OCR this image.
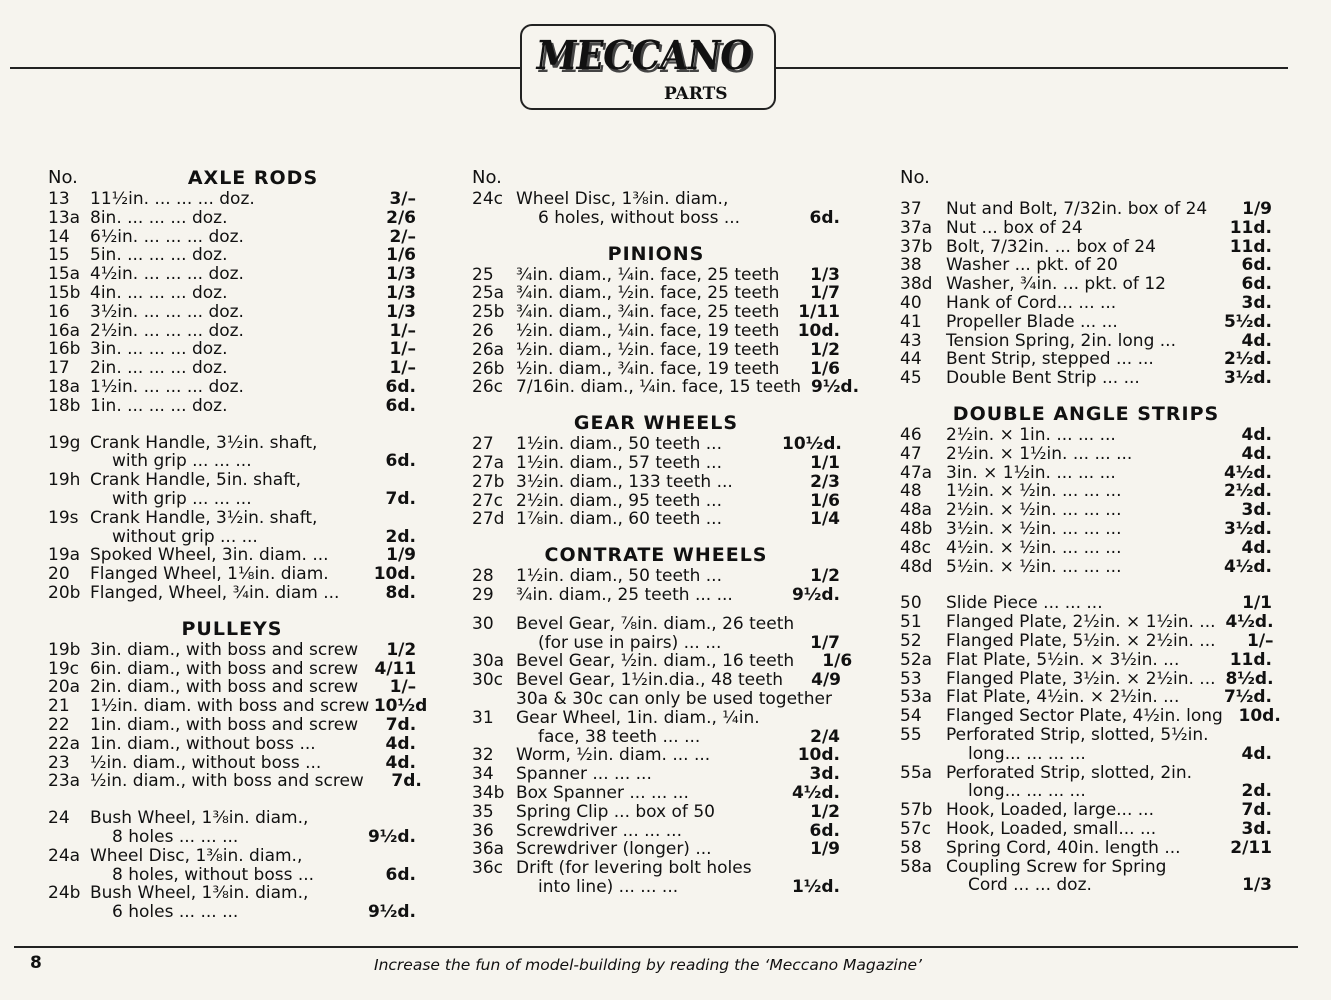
MECCANO
PARTS
No.	AXLE RODS
13	11½in. ... ... ... doz.	3/–
13a 8in. ... ... ... doz.	2/6
14	6½in. ... ... ... doz.	2/–
15	5in. ... ... ... doz.	1/6
15a 4½in. ... ... ... doz.	1/3
15b 4in. ... ... ... doz.	1/3
16	3½in. ... ... ... doz.	1/3
16a 2½in. ... ... ... doz.	1/–
16b 3in. ... ... ... doz.	1/–
17	2in. ... ... ... doz.	1/–
18a 1½in. ... ... ... doz.	6d.
18b 1in. ... ... ... doz.	6d.
19g Crank Handle, 3½in. shaft,
with grip ... ... ...	6d.
19h Crank Handle, 5in. shaft,
with grip ... ... ...	7d.
19s Crank Handle, 3½in. shaft,
without grip ... ...	2d.
19a Spoked Wheel, 3in. diam. ...	1/9
20	Flanged Wheel, 1⅛in. diam.	10d.
20b Flanged, Wheel, ¾in. diam ...	8d.
PULLEYS
19b 3in. diam., with boss and screw	1/2
19c 6in. diam., with boss and screw 4/11
20a 2in. diam., with boss and screw	1/–
21	1½in. diam. with boss and screw 10½d
22	1in. diam., with boss and screw	7d.
22a 1in. diam., without boss ...	4d.
23	½in. diam., without boss ...	4d.
23a ½in. diam., with boss and screw	7d.
24	Bush Wheel, 1⅜in. diam.,
8 holes ... ... ...	9½d.
24a Wheel Disc, 1⅜in. diam.,
8 holes, without boss ...	6d.
24b Bush Wheel, 1⅜in. diam.,
6 holes ... ... ...	9½d.
No.
24c Wheel Disc, 1⅜in. diam.,
6 holes, without boss ...	6d.
PINIONS
25	¾in. diam., ¼in. face, 25 teeth	1/3
25a ¾in. diam., ½in. face, 25 teeth	1/7
25b ¾in. diam., ¾in. face, 25 teeth	1/11
26	½in. diam., ¼in. face, 19 teeth	10d.
26a ½in. diam., ½in. face, 19 teeth	1/2
26b ½in. diam., ¾in. face, 19 teeth	1/6
26c 7/16in. diam., ¼in. face, 15 teeth 9½d.
GEAR WHEELS
27	1½in. diam., 50 teeth ...	10½d.
27a 1½in. diam., 57 teeth ...	1/1
27b 3½in. diam., 133 teeth ...	2/3
27c 2½in. diam., 95 teeth ...	1/6
27d 1⅞in. diam., 60 teeth ...	1/4
CONTRATE WHEELS
28	1½in. diam., 50 teeth ...	1/2
29	¾in. diam., 25 teeth ... ...	9½d.
30	Bevel Gear, ⅞in. diam., 26 teeth
(for use in pairs) ... ...	1/7
30a Bevel Gear, ½in. diam., 16 teeth	1/6
30c Bevel Gear, 1½in.dia., 48 teeth	4/9
30a & 30c can only be used together
31	Gear Wheel, 1in. diam., ¼in.
face, 38 teeth ... ...	2/4
32	Worm, ½in. diam. ... ...	10d.
34	Spanner ... ... ...	3d.
34b Box Spanner ... ... ...	4½d.
35	Spring Clip ... box of 50	1/2
36	Screwdriver ... ... ...	6d.
36a Screwdriver (longer) ...	1/9
36c Drift (for levering bolt holes
into line) ... ... ...	1½d.
No.
37	Nut and Bolt, 7/32in. box of 24	1/9
37a Nut ... box of 24	11d.
37b Bolt, 7/32in. ... box of 24	11d.
38	Washer ... pkt. of 20	6d.
38d Washer, ¾in. ... pkt. of 12	6d.
40	Hank of Cord... ... ...	3d.
41	Propeller Blade ... ...	5½d.
43	Tension Spring, 2in. long ...	4d.
44	Bent Strip, stepped ... ...	2½d.
45	Double Bent Strip ... ...	3½d.
DOUBLE ANGLE STRIPS
46	2½in. × 1in. ... ... ...	4d.
47	2½in. × 1½in. ... ... ...	4d.
47a 3in. × 1½in. ... ... ...	4½d.
48	1½in. × ½in. ... ... ...	2½d.
48a 2½in. × ½in. ... ... ...	3d.
48b 3½in. × ½in. ... ... ...	3½d.
48c 4½in. × ½in. ... ... ...	4d.
48d 5½in. × ½in. ... ... ...	4½d.
50	Slide Piece ... ... ...	1/1
51	Flanged Plate, 2½in. × 1½in. ... 4½d.
52	Flanged Plate, 5½in. × 2½in. ...	1/–
52a Flat Plate, 5½in. × 3½in. ...	11d.
53	Flanged Plate, 3½in. × 2½in. ... 8½d.
53a Flat Plate, 4½in. × 2½in. ...	7½d.
54	Flanged Sector Plate, 4½in. long 10d.
55	Perforated Strip, slotted, 5½in.
long... ... ... ...	4d.
55a Perforated Strip, slotted, 2in.
long... ... ... ...	2d.
57b Hook, Loaded, large... ...	7d.
57c Hook, Loaded, small... ...	3d.
58	Spring Cord, 40in. length ...	2/11
58a Coupling Screw for Spring
Cord ... ... doz.	1/3
8	Increase the fun of model-building by reading the ‘Meccano Magazine’
